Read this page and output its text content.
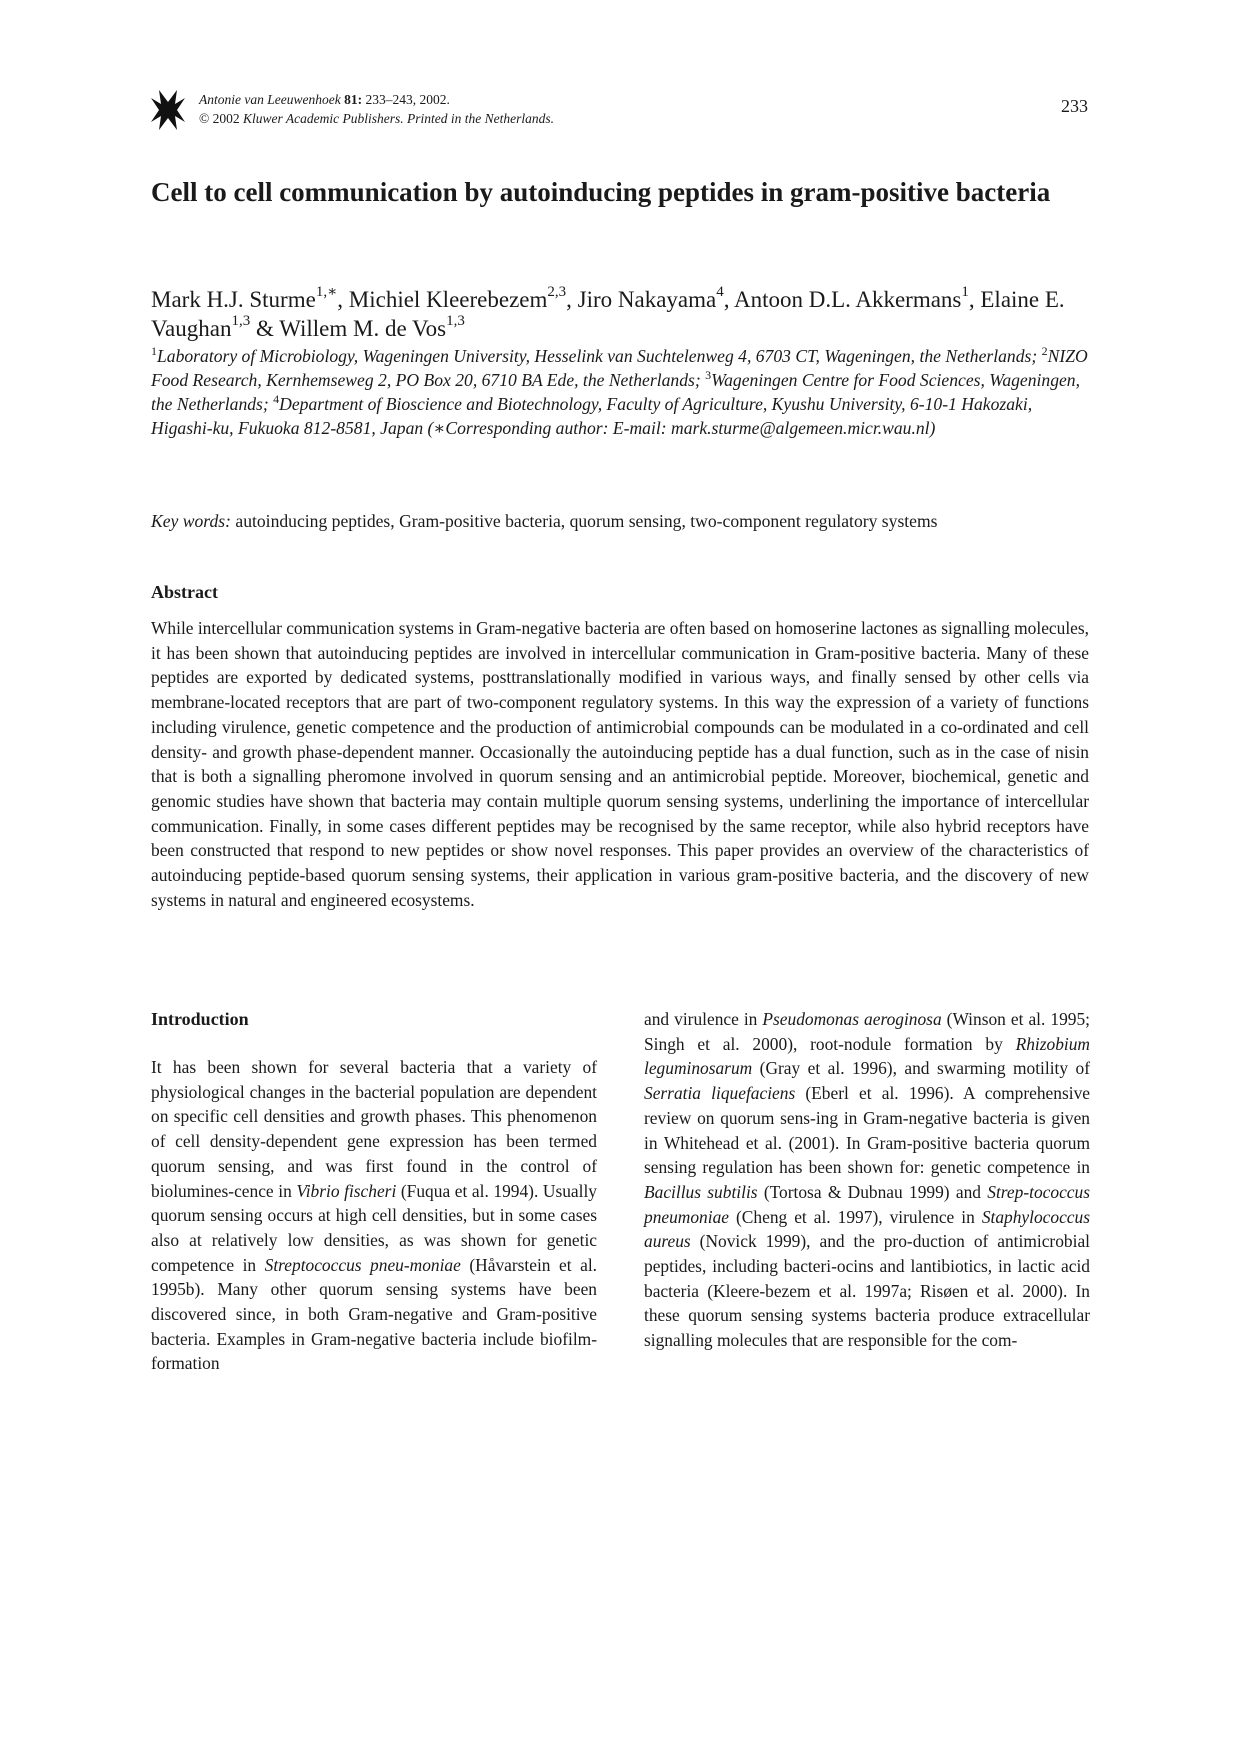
Antonie van Leeuwenhoek 81: 233–243, 2002.
© 2002 Kluwer Academic Publishers. Printed in the Netherlands.
233
Cell to cell communication by autoinducing peptides in gram-positive bacteria

Mark H.J. Sturme$^{1,∗}$, Michiel Kleerebezem$^{2,3}$, Jiro Nakayama$^4$, Antoon D.L. Akkermans$^1$, Elaine E. Vaughan$^{1,3}$ & Willem M. de Vos$^{1,3}$

$^1$Laboratory of Microbiology, Wageningen University, Hesselink van Suchtelenweg 4, 6703 CT, Wageningen, the Netherlands; $^2$NIZO Food Research, Kernhemseweg 2, PO Box 20, 6710 BA Ede, the Netherlands; $^3$Wageningen Centre for Food Sciences, Wageningen, the Netherlands; $^4$Department of Bioscience and Biotechnology, Faculty of Agriculture, Kyushu University, 6-10-1 Hakozaki, Higashi-ku, Fukuoka 812-8581, Japan (∗Corresponding author: E-mail: mark.sturme@algemeen.micr.wau.nl)

Key words: autoinducing peptides, Gram-positive bacteria, quorum sensing, two-component regulatory systems

Abstract

While intercellular communication systems in Gram-negative bacteria are often based on homoserine lactones as signalling molecules, it has been shown that autoinducing peptides are involved in intercellular communication in Gram-positive bacteria. Many of these peptides are exported by dedicated systems, posttranslationally modified in various ways, and finally sensed by other cells via membrane-located receptors that are part of two-component regulatory systems. In this way the expression of a variety of functions including virulence, genetic competence and the production of antimicrobial compounds can be modulated in a co-ordinated and cell density- and growth phase-dependent manner. Occasionally the autoinducing peptide has a dual function, such as in the case of nisin that is both a signalling pheromone involved in quorum sensing and an antimicrobial peptide. Moreover, biochemical, genetic and genomic studies have shown that bacteria may contain multiple quorum sensing systems, underlining the importance of intercellular communication. Finally, in some cases different peptides may be recognised by the same receptor, while also hybrid receptors have been constructed that respond to new peptides or show novel responses. This paper provides an overview of the characteristics of autoinducing peptide-based quorum sensing systems, their application in various gram-positive bacteria, and the discovery of new systems in natural and engineered ecosystems.

Introduction

It has been shown for several bacteria that a variety of physiological changes in the bacterial population are dependent on specific cell densities and growth phases. This phenomenon of cell density-dependent gene expression has been termed quorum sensing, and was first found in the control of biolumines-cence in Vibrio fischeri (Fuqua et al. 1994). Usually quorum sensing occurs at high cell densities, but in some cases also at relatively low densities, as was shown for genetic competence in Streptococcus pneu-moniae (Håvarstein et al. 1995b). Many other quorum sensing systems have been discovered since, in both Gram-negative and Gram-positive bacteria. Examples in Gram-negative bacteria include biofilm-formation

and virulence in Pseudomonas aeroginosa (Winson et al. 1995; Singh et al. 2000), root-nodule formation by Rhizobium leguminosarum (Gray et al. 1996), and swarming motility of Serratia liquefaciens (Eberl et al. 1996). A comprehensive review on quorum sens-ing in Gram-negative bacteria is given in Whitehead et al. (2001). In Gram-positive bacteria quorum sensing regulation has been shown for: genetic competence in Bacillus subtilis (Tortosa & Dubnau 1999) and Strep-tococcus pneumoniae (Cheng et al. 1997), virulence in Staphylococcus aureus (Novick 1999), and the pro-duction of antimicrobial peptides, including bacteri-ocins and lantibiotics, in lactic acid bacteria (Kleere-bezem et al. 1997a; Risøen et al. 2000). In these quorum sensing systems bacteria produce extracellular signalling molecules that are responsible for the com-
